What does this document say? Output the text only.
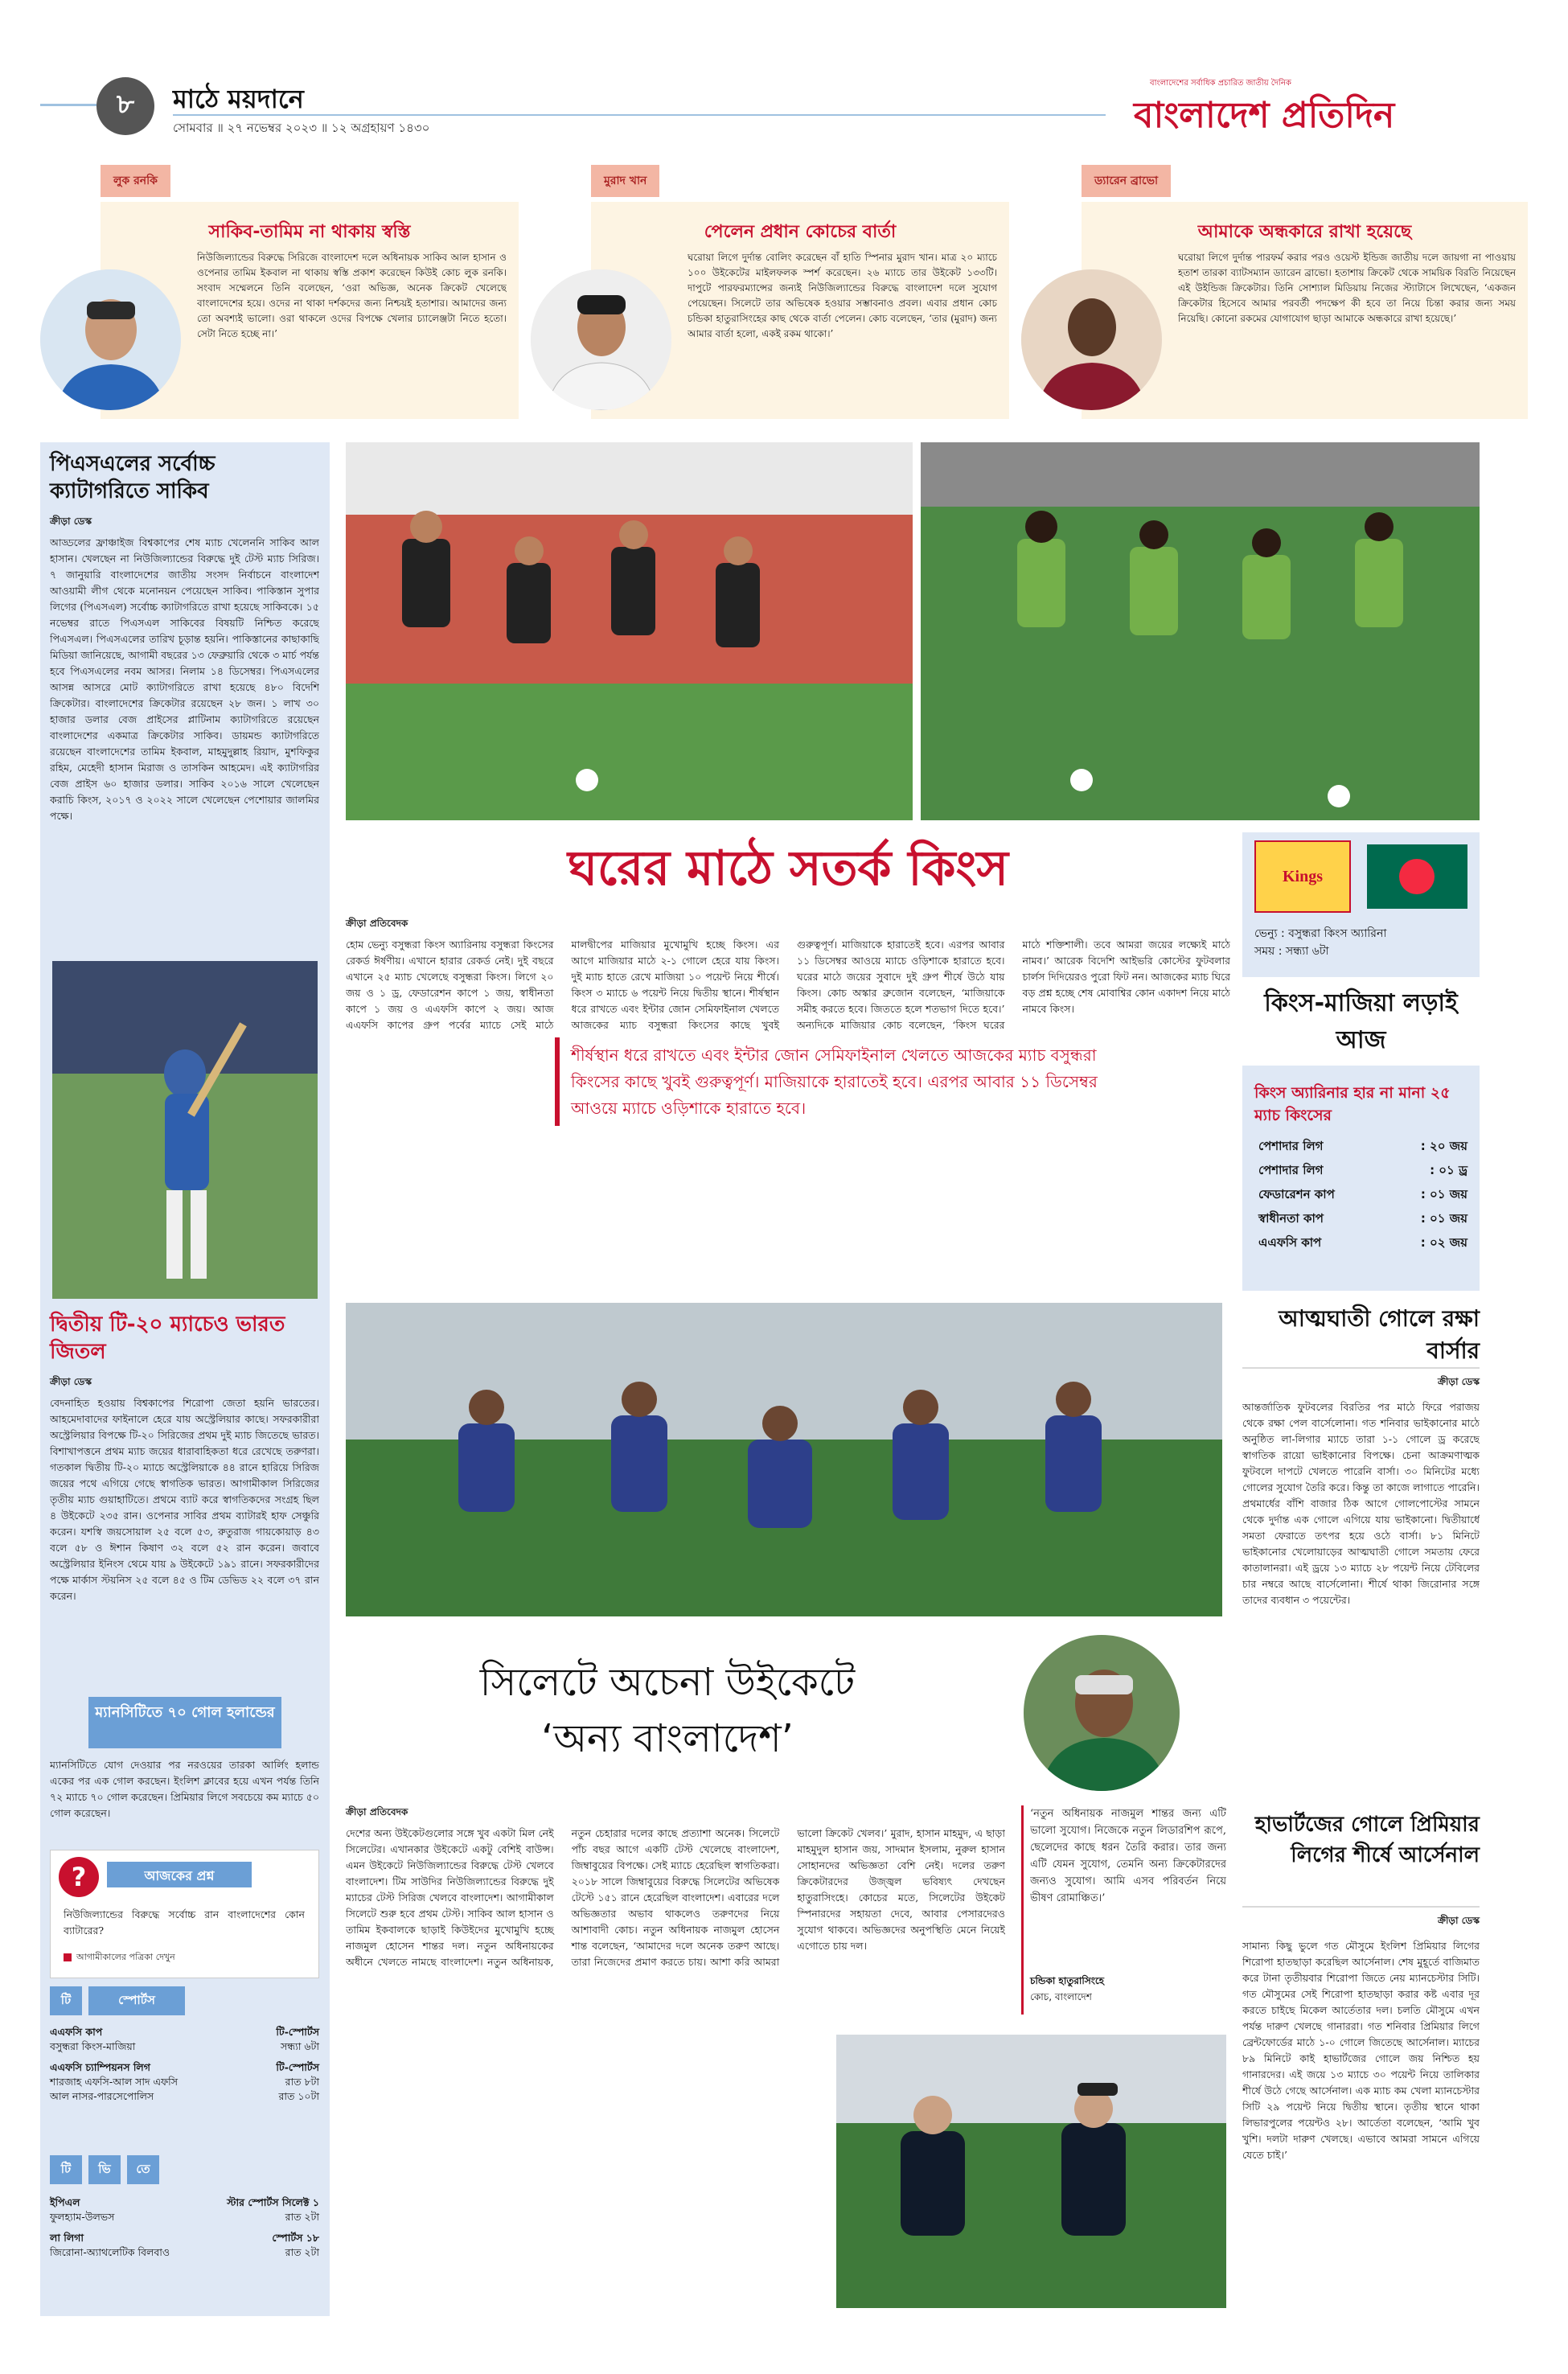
৮	মাঠে ময়দানে
সোমবার ॥ ২৭ নভেম্বর ২০২৩ ॥ ১২ অগ্রহায়ণ ১৪৩০
বাংলাদেশের সর্বাধিক প্রচারিত জাতীয় দৈনিক
বাংলাদেশ প্রতিদিন
লুক রনকি
সাকিব-তামিম না থাকায় স্বস্তি
নিউজিল্যান্ডের বিরুদ্ধে সিরিজে বাংলাদেশ দলে অধিনায়ক সাকিব আল হাসান ও ওপেনার তামিম ইকবাল না থাকায় স্বস্তি প্রকাশ করেছেন কিউই কোচ লুক রনকি। সংবাদ সম্মেলনে তিনি বলেছেন, ‘ওরা অভিজ্ঞ, অনেক ক্রিকেট খেলেছে বাংলাদেশের হয়ে। ওদের না থাকা দর্শকদের জন্য নিশ্চয়ই হতাশার। আমাদের জন্য তো অবশ্যই ভালো। ওরা থাকলে ওদের বিপক্ষে খেলার চ্যালেঞ্জটা নিতে হতো। সেটা নিতে হচ্ছে না।’
মুরাদ খান
পেলেন প্রধান কোচের বার্তা
ঘরোয়া লিগে দুর্দান্ত বোলিং করেছেন বাঁ হাতি স্পিনার মুরাদ খান। মাত্র ২০ ম্যাচে ১০০ উইকেটের মাইলফলক স্পর্শ করেছেন। ২৬ ম্যাচে তার উইকেট ১৩৩টি। দাপুটে পারফরম্যান্সের জন্যই নিউজিল্যান্ডের বিরুদ্ধে বাংলাদেশ দলে সুযোগ পেয়েছেন। সিলেটে তার অভিষেক হওয়ার সম্ভাবনাও প্রবল। এবার প্রধান কোচ চন্ডিকা হাতুরাসিংহের কাছ থেকে বার্তা পেলেন। কোচ বলেছেন, ‘তার (মুরাদ) জন্য আমার বার্তা হলো, একই রকম থাকো।’
ড্যারেন ব্রাভো
আমাকে অন্ধকারে রাখা হয়েছে
ঘরোয়া লিগে দুর্দান্ত পারফর্ম করার পরও ওয়েস্ট ইন্ডিজ জাতীয় দলে জায়গা না পাওয়ায় হতাশ তারকা ব্যাটসম্যান ড্যারেন ব্রাভো। হতাশায় ক্রিকেট থেকে সাময়িক বিরতি নিয়েছেন এই উইন্ডিজ ক্রিকেটার। তিনি সোশ্যাল মিডিয়ায় নিজের স্ট্যাটাসে লিখেছেন, ‘একজন ক্রিকেটার হিসেবে আমার পরবর্তী পদক্ষেপ কী হবে তা নিয়ে চিন্তা করার জন্য সময় নিয়েছি। কোনো রকমের যোগাযোগ ছাড়া আমাকে অন্ধকারে রাখা হয়েছে।’
পিএসএলের সর্বোচ্চ ক্যাটাগরিতে সাকিব
ক্রীড়া ডেস্ক
আড্ডলের ফ্রাঞ্চাইজ বিশ্বকাপের শেষ ম্যাচ খেলেননি সাকিব আল হাসান। খেলছেন না নিউজিল্যান্ডের বিরুদ্ধে দুই টেস্ট ম্যাচ সিরিজ। ৭ জানুয়ারি বাংলাদেশের জাতীয় সংসদ নির্বাচনে বাংলাদেশ আওয়ামী লীগ থেকে মনোনয়ন পেয়েছেন সাকিব। পাকিস্তান সুপার লিগের (পিএসএল) সর্বোচ্চ ক্যাটাগরিতে রাখা হয়েছে সাকিবকে। ১৫ নভেম্বর রাতে পিএসএল সাকিবের বিষয়টি নিশ্চিত করেছে পিএসএল। পিএসএলের তারিখ চূড়ান্ত হয়নি। পাকিস্তানের কাছাকাছি মিডিয়া জানিয়েছে, আগামী বছরের ১৩ ফেব্রুয়ারি থেকে ৩ মার্চ পর্যন্ত হবে পিএসএলের নবম আসর। নিলাম ১৪ ডিসেম্বর। পিএসএলের আসন্ন আসরে মোট ক্যাটাগরিতে রাখা হয়েছে ৪৮০ বিদেশি ক্রিকেটার। বাংলাদেশের ক্রিকেটার রয়েছেন ২৮ জন। ১ লাখ ৩০ হাজার ডলার বেজ প্রাইসের প্লাটিনাম ক্যাটাগরিতে রয়েছেন বাংলাদেশের একমাত্র ক্রিকেটার সাকিব। ডায়মন্ড ক্যাটাগরিতে রয়েছেন বাংলাদেশের তামিম ইকবাল, মাহমুদুল্লাহ রিয়াদ, মুশফিকুর রহিম, মেহেদী হাসান মিরাজ ও তাসকিন আহমেদ। এই ক্যাটাগরির বেজ প্রাইস ৬০ হাজার ডলার। সাকিব ২০১৬ সালে খেলেছেন করাচি কিংস, ২০১৭ ও ২০২২ সালে খেলেছেন পেশোয়ার জালমির পক্ষে।
দ্বিতীয় টি-২০ ম্যাচেও ভারত জিতল
ক্রীড়া ডেস্ক
বেদনাহিত হওয়ায় বিশ্বকাপের শিরোপা জেতা হয়নি ভারতের। আহমেদাবাদের ফাইনালে হেরে যায় অস্ট্রেলিয়ার কাছে। সফরকারীরা অস্ট্রেলিয়ার বিপক্ষে টি-২০ সিরিজের প্রথম দুই ম্যাচ জিতেছে ভারত। বিশাখাপত্তনে প্রথম ম্যাচ জয়ের ধারাবাহিকতা ধরে রেখেছে তরুণরা। গতকাল দ্বিতীয় টি-২০ ম্যাচে অস্ট্রেলিয়াকে ৪৪ রানে হারিয়ে সিরিজ জয়ের পথে এগিয়ে গেছে স্বাগতিক ভারত। আগামীকাল সিরিজের তৃতীয় ম্যাচ গুয়াহাটিতে। প্রথমে ব্যাট করে স্বাগতিকদের সংগ্রহ ছিল ৪ উইকেটে ২৩৫ রান। ওপেনার সাবির প্রথম ব্যাটারই হাফ সেঞ্চুরি করেন। যশস্বি জয়সোয়াল ২৫ বলে ৫৩, রুতুরাজ গায়কোয়াড় ৪৩ বলে ৫৮ ও ঈশান কিষাণ ৩২ বলে ৫২ রান করেন। জবাবে অস্ট্রেলিয়ার ইনিংস থেমে যায় ৯ উইকেটে ১৯১ রানে। সফরকারীদের পক্ষে মার্কাস স্টয়নিস ২৫ বলে ৪৫ ও টিম ডেভিড ২২ বলে ৩৭ রান করেন।
ম্যানসিটিতে ৭০ গোল হলান্ডের
ম্যানসিটিতে যোগ দেওয়ার পর নরওয়ের তারকা আর্লিং হলান্ড একের পর এক গোল করছেন। ইংলিশ ক্লাবের হয়ে এখন পর্যন্ত তিনি ৭২ ম্যাচে ৭০ গোল করেছেন। প্রিমিয়ার লিগে সবচেয়ে কম ম্যাচে ৫০ গোল করেছেন।
?	আজকের প্রশ্ন
নিউজিল্যান্ডের বিরুদ্ধে সর্বোচ্চ রান বাংলাদেশের কোন ব্যাটারের?
আগামীকালের পত্রিকা দেখুন
টি	স্পোর্টস
এএফসি কাপ	টি-স্পোর্টস
বসুন্ধরা কিংস-মাজিয়া	সন্ধ্যা ৬টা
এএফসি চ্যাম্পিয়নস লিগ	টি-স্পোর্টস
শারজাহ এফসি-আল সাদ এফসি	রাত ৮টা
আল নাসর-পারসেপোলিস	রাত ১০টা
টি	ভি	তে
ইপিএল	স্টার স্পোর্টস সিলেক্ট ১
ফুলহ্যাম-উলভস	রাত ২টা
লা লিগা	স্পোর্টস ১৮
জিরোনা-অ্যাথলেটিক বিলবাও	রাত ২টা
ঘরের মাঠে সতর্ক কিংস
ক্রীড়া প্রতিবেদক
হোম ভেন্যু বসুন্ধরা কিংস অ্যারিনায় বসুন্ধরা কিংসের রেকর্ড ঈর্ষণীয়। এখানে হারার রেকর্ড নেই। দুই বছরে এখানে ২৫ ম্যাচ খেলেছে বসুন্ধরা কিংস। লিগে ২০ জয় ও ১ ড্র, ফেডারেশন কাপে ১ জয়, স্বাধীনতা কাপে ১ জয় ও এএফসি কাপে ২ জয়। আজ এএফসি কাপের গ্রুপ পর্বের ম্যাচে সেই মাঠে মালদ্বীপের মাজিয়ার মুখোমুখি হচ্ছে কিংস। এর আগে মাজিয়ার মাঠে ২-১ গোলে হেরে যায় কিংস। দুই ম্যাচ হাতে রেখে মাজিয়া ১০ পয়েন্ট নিয়ে শীর্ষে। কিংস ৩ ম্যাচে ৬ পয়েন্ট নিয়ে দ্বিতীয় স্থানে। শীর্ষস্থান ধরে রাখতে এবং ইন্টার জোন সেমিফাইনাল খেলতে আজকের ম্যাচ বসুন্ধরা কিংসের কাছে খুবই গুরুত্বপূর্ণ। মাজিয়াকে হারাতেই হবে। এরপর আবার ১১ ডিসেম্বর আওয়ে ম্যাচে ওড়িশাকে হারাতে হবে। ঘরের মাঠে জয়ের সুবাদে দুই গ্রুপ শীর্ষে উঠে যায় কিংস। কোচ অস্কার ব্রুজোন বলেছেন, ‘মাজিয়াকে সমীহ করতে হবে। জিততে হলে শতভাগ দিতে হবে।’ অন্যদিকে মাজিয়ার কোচ বলেছেন, ‘কিংস ঘরের মাঠে শক্তিশালী। তবে আমরা জয়ের লক্ষ্যেই মাঠে নামব।’ আরেক বিদেশি আইভরি কোস্টের ফুটবলার চার্লস দিদিয়েরও পুরো ফিট নন। আজকের ম্যাচ ঘিরে বড় প্রশ্ন হচ্ছে শেষ মোবাশ্বির কোন একাদশ নিয়ে মাঠে নামবে কিংস।
শীর্ষস্থান ধরে রাখতে এবং ইন্টার জোন সেমিফাইনাল খেলতে আজকের ম্যাচ বসুন্ধরা কিংসের কাছে খুবই গুরুত্বপূর্ণ। মাজিয়াকে হারাতেই হবে। এরপর আবার ১১ ডিসেম্বর আওয়ে ম্যাচে ওড়িশাকে হারাতে হবে।
Kings
ভেন্যু : বসুন্ধরা কিংস অ্যারিনা
সময় : সন্ধ্যা ৬টা
কিংস-মাজিয়া লড়াই আজ
কিংস অ্যারিনার হার না মানা ২৫ ম্যাচ কিংসের
পেশাদার লিগ	: ২০ জয়
পেশাদার লিগ	: ০১ ড্র
ফেডারেশন কাপ	: ০১ জয়
স্বাধীনতা কাপ	: ০১ জয়
এএফসি কাপ	: ০২ জয়
আত্মঘাতী গোলে রক্ষা বার্সার
ক্রীড়া ডেস্ক
আন্তর্জাতিক ফুটবলের বিরতির পর মাঠে ফিরে পরাজয় থেকে রক্ষা পেল বার্সেলোনা। গত শনিবার ভাইকানোর মাঠে অনুষ্ঠিত লা-লিগার ম্যাচে তারা ১-১ গোলে ড্র করেছে স্বাগতিক রায়ো ভাইকানোর বিপক্ষে। চেনা আক্রমণাত্মক ফুটবলে দাপটে খেলতে পারেনি বার্সা। ৩০ মিনিটের মধ্যে গোলের সুযোগ তৈরি করে। কিন্তু তা কাজে লাগাতে পারেনি। প্রথমার্ধের বাঁশি বাজার ঠিক আগে গোলপোস্টের সামনে থেকে দুর্দান্ত এক গোলে এগিয়ে যায় ভাইকানো। দ্বিতীয়ার্ধে সমতা ফেরাতে তৎপর হয়ে ওঠে বার্সা। ৮১ মিনিটে ভাইকানোর খেলোয়াড়ের আত্মঘাতী গোলে সমতায় ফেরে কাতালানরা। এই ড্রয়ে ১৩ ম্যাচে ২৮ পয়েন্ট নিয়ে টেবিলের চার নম্বরে আছে বার্সেলোনা। শীর্ষে থাকা জিরোনার সঙ্গে তাদের ব্যবধান ৩ পয়েন্টের।
সিলেটে অচেনা উইকেটে
‘অন্য বাংলাদেশ’
ক্রীড়া প্রতিবেদক
দেশের অন্য উইকেটগুলোর সঙ্গে খুব একটা মিল নেই সিলেটের। এখানকার উইকেটে একটু বেশিই বাউন্স। এমন উইকেটে নিউজিল্যান্ডের বিরুদ্ধে টেস্ট খেলবে বাংলাদেশ। টিম সাউদির নিউজিল্যান্ডের বিরুদ্ধে দুই ম্যাচের টেস্ট সিরিজ খেলবে বাংলাদেশ। আগামীকাল সিলেটে শুরু হবে প্রথম টেস্ট। সাকিব আল হাসান ও তামিম ইকবালকে ছাড়াই কিউইদের মুখোমুখি হচ্ছে নাজমুল হোসেন শান্তর দল। নতুন অধিনায়কের অধীনে খেলতে নামছে বাংলাদেশ। নতুন অধিনায়ক, নতুন চেহারার দলের কাছে প্রত্যাশা অনেক। সিলেটে পাঁচ বছর আগে একটি টেস্ট খেলেছে বাংলাদেশ, জিম্বাবুয়ের বিপক্ষে। সেই ম্যাচে হেরেছিল স্বাগতিকরা। ২০১৮ সালে জিম্বাবুয়ের বিরুদ্ধে সিলেটের অভিষেক টেস্টে ১৫১ রানে হেরেছিল বাংলাদেশ। এবারের দলে অভিজ্ঞতার অভাব থাকলেও তরুণদের নিয়ে আশাবাদী কোচ। নতুন অধিনায়ক নাজমুল হোসেন শান্ত বলেছেন, ‘আমাদের দলে অনেক তরুণ আছে। তারা নিজেদের প্রমাণ করতে চায়। আশা করি আমরা ভালো ক্রিকেট খেলব।’ মুরাদ, হাসান মাহমুদ, এ ছাড়া মাহমুদুল হাসান জয়, সাদমান ইসলাম, নুরুল হাসান সোহানদের অভিজ্ঞতা বেশি নেই। দলের তরুণ ক্রিকেটারদের উজ্জ্বল ভবিষ্যৎ দেখছেন হাতুরাসিংহে। কোচের মতে, সিলেটের উইকেট স্পিনারদের সহায়তা দেবে, আবার পেসারদেরও সুযোগ থাকবে। অভিজ্ঞদের অনুপস্থিতি মেনে নিয়েই এগোতে চায় দল।
‘নতুন অধিনায়ক নাজমুল শান্তর জন্য এটি ভালো সুযোগ। নিজেকে নতুন লিডারশিপ রূপে, ছেলেদের কাছে ধরন তৈরি করার। তার জন্য এটি যেমন সুযোগ, তেমনি অন্য ক্রিকেটারদের জন্যও সুযোগ। আমি এসব পরিবর্তন নিয়ে ভীষণ রোমাঞ্চিত।’
চন্ডিকা হাতুরাসিংহে
কোচ, বাংলাদেশ
হাভার্টজের গোলে প্রিমিয়ার লিগের শীর্ষে আর্সেনাল
ক্রীড়া ডেস্ক
সামান্য কিছু ভুলে গত মৌসুমে ইংলিশ প্রিমিয়ার লিগের শিরোপা হাতছাড়া করেছিল আর্সেনাল। শেষ মুহূর্তে বাজিমাত করে টানা তৃতীয়বার শিরোপা জিতে নেয় ম্যানচেস্টার সিটি। গত মৌসুমের সেই শিরোপা হাতছাড়া করার কষ্ট এবার দূর করতে চাইছে মিকেল আর্তেতার দল। চলতি মৌসুমে এখন পর্যন্ত দারুণ খেলছে গানাররা। গত শনিবার প্রিমিয়ার লিগে ব্রেন্টফোর্ডের মাঠে ১-০ গোলে জিতেছে আর্সেনাল। ম্যাচের ৮৯ মিনিটে কাই হাভার্টজের গোলে জয় নিশ্চিত হয় গানারদের। এই জয়ে ১৩ ম্যাচে ৩০ পয়েন্ট নিয়ে তালিকার শীর্ষে উঠে গেছে আর্সেনাল। এক ম্যাচ কম খেলা ম্যানচেস্টার সিটি ২৯ পয়েন্ট নিয়ে দ্বিতীয় স্থানে। তৃতীয় স্থানে থাকা লিভারপুলের পয়েন্টও ২৮। আর্তেতা বলেছেন, ‘আমি খুব খুশি। দলটা দারুণ খেলছে। এভাবে আমরা সামনে এগিয়ে যেতে চাই।’
